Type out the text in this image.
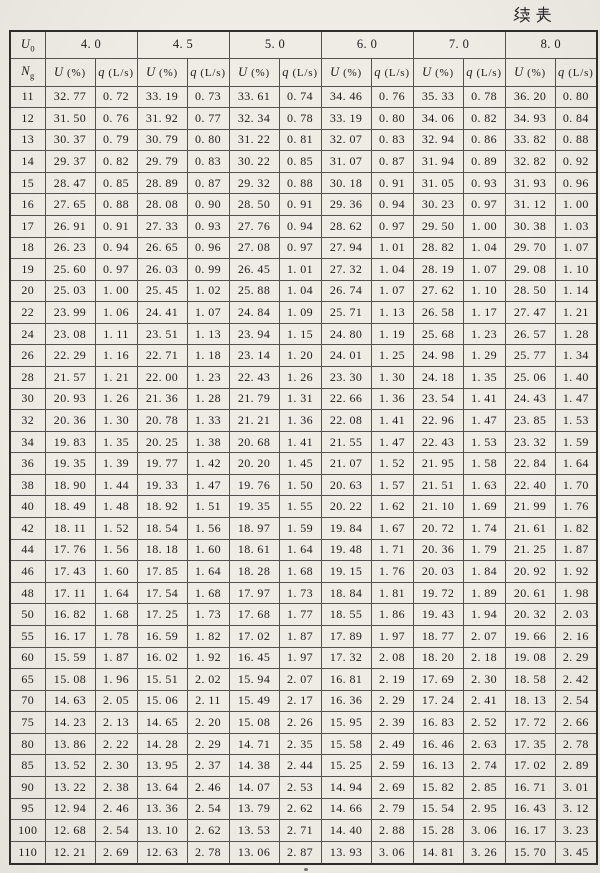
$U_0$	4. 0		4. 5		5. 0		6. 0		7. 0		8. 0	
$N_g$	U (%)	q (L/s)	U (%)	q (L/s)	U (%)	q (L/s)	U (%)	q (L/s)	U (%)	q (L/s)	U (%)	q (L/s)
11	32. 77	0. 72	33. 19	0. 73	33. 61	0. 74	34. 46	0. 76	35. 33	0. 78	36. 20	0. 80
12	31. 50	0. 76	31. 92	0. 77	32. 34	0. 78	33. 19	0. 80	34. 06	0. 82	34. 93	0. 84
13	30. 37	0. 79	30. 79	0. 80	31. 22	0. 81	32. 07	0. 83	32. 94	0. 86	33. 82	0. 88
14	29. 37	0. 82	29. 79	0. 83	30. 22	0. 85	31. 07	0. 87	31. 94	0. 89	32. 82	0. 92
15	28. 47	0. 85	28. 89	0. 87	29. 32	0. 88	30. 18	0. 91	31. 05	0. 93	31. 93	0. 96
16	27. 65	0. 88	28. 08	0. 90	28. 50	0. 91	29. 36	0. 94	30. 23	0. 97	31. 12	1. 00
17	26. 91	0. 91	27. 33	0. 93	27. 76	0. 94	28. 62	0. 97	29. 50	1. 00	30. 38	1. 03
18	26. 23	0. 94	26. 65	0. 96	27. 08	0. 97	27. 94	1. 01	28. 82	1. 04	29. 70	1. 07
19	25. 60	0. 97	26. 03	0. 99	26. 45	1. 01	27. 32	1. 04	28. 19	1. 07	29. 08	1. 10
20	25. 03	1. 00	25. 45	1. 02	25. 88	1. 04	26. 74	1. 07	27. 62	1. 10	28. 50	1. 14
22	23. 99	1. 06	24. 41	1. 07	24. 84	1. 09	25. 71	1. 13	26. 58	1. 17	27. 47	1. 21
24	23. 08	1. 11	23. 51	1. 13	23. 94	1. 15	24. 80	1. 19	25. 68	1. 23	26. 57	1. 28
26	22. 29	1. 16	22. 71	1. 18	23. 14	1. 20	24. 01	1. 25	24. 98	1. 29	25. 77	1. 34
28	21. 57	1. 21	22. 00	1. 23	22. 43	1. 26	23. 30	1. 30	24. 18	1. 35	25. 06	1. 40
30	20. 93	1. 26	21. 36	1. 28	21. 79	1. 31	22. 66	1. 36	23. 54	1. 41	24. 43	1. 47
32	20. 36	1. 30	20. 78	1. 33	21. 21	1. 36	22. 08	1. 41	22. 96	1. 47	23. 85	1. 53
34	19. 83	1. 35	20. 25	1. 38	20. 68	1. 41	21. 55	1. 47	22. 43	1. 53	23. 32	1. 59
36	19. 35	1. 39	19. 77	1. 42	20. 20	1. 45	21. 07	1. 52	21. 95	1. 58	22. 84	1. 64
38	18. 90	1. 44	19. 33	1. 47	19. 76	1. 50	20. 63	1. 57	21. 51	1. 63	22. 40	1. 70
40	18. 49	1. 48	18. 92	1. 51	19. 35	1. 55	20. 22	1. 62	21. 10	1. 69	21. 99	1. 76
42	18. 11	1. 52	18. 54	1. 56	18. 97	1. 59	19. 84	1. 67	20. 72	1. 74	21. 61	1. 82
44	17. 76	1. 56	18. 18	1. 60	18. 61	1. 64	19. 48	1. 71	20. 36	1. 79	21. 25	1. 87
46	17. 43	1. 60	17. 85	1. 64	18. 28	1. 68	19. 15	1. 76	20. 03	1. 84	20. 92	1. 92
48	17. 11	1. 64	17. 54	1. 68	17. 97	1. 73	18. 84	1. 81	19. 72	1. 89	20. 61	1. 98
50	16. 82	1. 68	17. 25	1. 73	17. 68	1. 77	18. 55	1. 86	19. 43	1. 94	20. 32	2. 03
55	16. 17	1. 78	16. 59	1. 82	17. 02	1. 87	17. 89	1. 97	18. 77	2. 07	19. 66	2. 16
60	15. 59	1. 87	16. 02	1. 92	16. 45	1. 97	17. 32	2. 08	18. 20	2. 18	19. 08	2. 29
65	15. 08	1. 96	15. 51	2. 02	15. 94	2. 07	16. 81	2. 19	17. 69	2. 30	18. 58	2. 42
70	14. 63	2. 05	15. 06	2. 11	15. 49	2. 17	16. 36	2. 29	17. 24	2. 41	18. 13	2. 54
75	14. 23	2. 13	14. 65	2. 20	15. 08	2. 26	15. 95	2. 39	16. 83	2. 52	17. 72	2. 66
80	13. 86	2. 22	14. 28	2. 29	14. 71	2. 35	15. 58	2. 49	16. 46	2. 63	17. 35	2. 78
85	13. 52	2. 30	13. 95	2. 37	14. 38	2. 44	15. 25	2. 59	16. 13	2. 74	17. 02	2. 89
90	13. 22	2. 38	13. 64	2. 46	14. 07	2. 53	14. 94	2. 69	15. 82	2. 85	16. 71	3. 01
95	12. 94	2. 46	13. 36	2. 54	13. 79	2. 62	14. 66	2. 79	15. 54	2. 95	16. 43	3. 12
100	12. 68	2. 54	13. 10	2. 62	13. 53	2. 71	14. 40	2. 88	15. 28	3. 06	16. 17	3. 23
110	12. 21	2. 69	12. 63	2. 78	13. 06	2. 87	13. 93	3. 06	14. 81	3. 26	15. 70	3. 45
